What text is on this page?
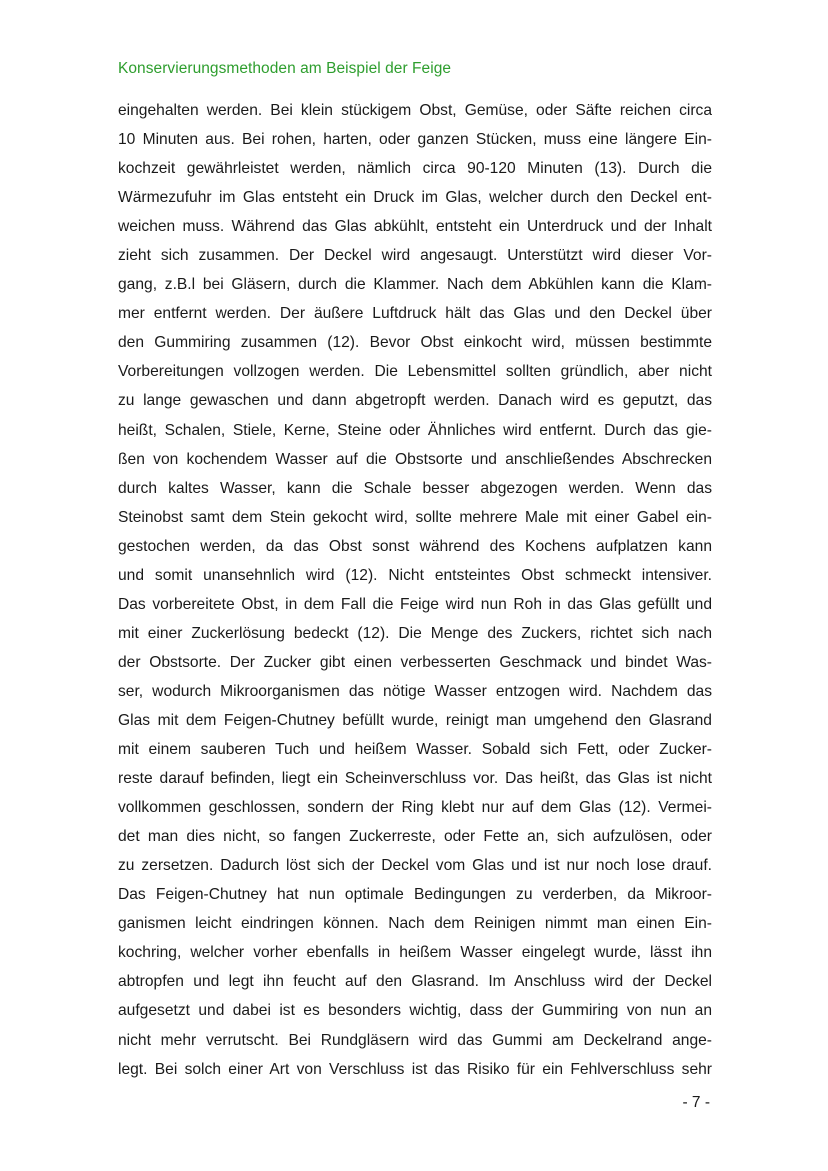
Konservierungsmethoden am Beispiel der Feige
eingehalten werden. Bei klein stückigem Obst, Gemüse, oder Säfte reichen circa
10 Minuten aus. Bei rohen, harten, oder ganzen Stücken, muss eine längere Ein-
kochzeit gewährleistet werden, nämlich circa 90-120 Minuten (13). Durch die
Wärmezufuhr im Glas entsteht ein Druck im Glas, welcher durch den Deckel ent-
weichen muss. Während das Glas abkühlt, entsteht ein Unterdruck und der Inhalt
zieht sich zusammen. Der Deckel wird angesaugt. Unterstützt wird dieser Vor-
gang, z.B.l bei Gläsern, durch die Klammer. Nach dem Abkühlen kann die Klam-
mer entfernt werden. Der äußere Luftdruck hält das Glas und den Deckel über
den Gummiring zusammen (12). Bevor Obst einkocht wird, müssen bestimmte
Vorbereitungen vollzogen werden. Die Lebensmittel sollten gründlich, aber nicht
zu lange gewaschen und dann abgetropft werden. Danach wird es geputzt, das
heißt, Schalen, Stiele, Kerne, Steine oder Ähnliches wird entfernt. Durch das gie-
ßen von kochendem Wasser auf die Obstsorte und anschließendes Abschrecken
durch kaltes Wasser, kann die Schale besser abgezogen werden. Wenn das
Steinobst samt dem Stein gekocht wird, sollte mehrere Male mit einer Gabel ein-
gestochen werden, da das Obst sonst während des Kochens aufplatzen kann
und somit unansehnlich wird (12). Nicht entsteintes Obst schmeckt intensiver.
Das vorbereitete Obst, in dem Fall die Feige wird nun Roh in das Glas gefüllt und
mit einer Zuckerlösung bedeckt (12). Die Menge des Zuckers, richtet sich nach
der Obstsorte. Der Zucker gibt einen verbesserten Geschmack und bindet Was-
ser, wodurch Mikroorganismen das nötige Wasser entzogen wird. Nachdem das
Glas mit dem Feigen-Chutney befüllt wurde, reinigt man umgehend den Glasrand
mit einem sauberen Tuch und heißem Wasser. Sobald sich Fett, oder Zucker-
reste darauf befinden, liegt ein Scheinverschluss vor. Das heißt, das Glas ist nicht
vollkommen geschlossen, sondern der Ring klebt nur auf dem Glas (12). Vermei-
det man dies nicht, so fangen Zuckerreste, oder Fette an, sich aufzulösen, oder
zu zersetzen. Dadurch löst sich der Deckel vom Glas und ist nur noch lose drauf.
Das Feigen-Chutney hat nun optimale Bedingungen zu verderben, da Mikroor-
ganismen leicht eindringen können. Nach dem Reinigen nimmt man einen Ein-
kochring, welcher vorher ebenfalls in heißem Wasser eingelegt wurde, lässt ihn
abtropfen und legt ihn feucht auf den Glasrand. Im Anschluss wird der Deckel
aufgesetzt und dabei ist es besonders wichtig, dass der Gummiring von nun an
nicht mehr verrutscht. Bei Rundgläsern wird das Gummi am Deckelrand ange-
legt. Bei solch einer Art von Verschluss ist das Risiko für ein Fehlverschluss sehr
- 7 -
